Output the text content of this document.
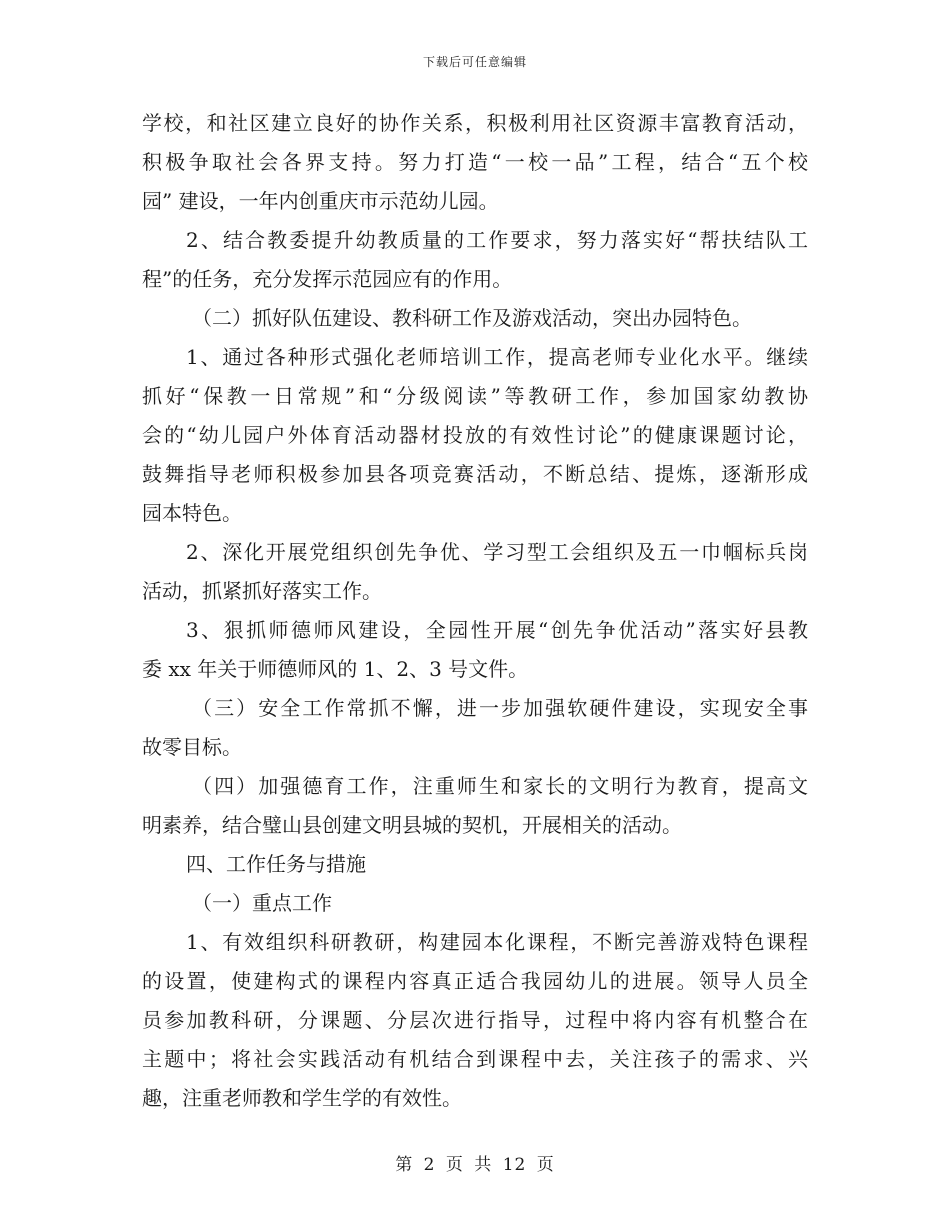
下载后可任意编辑
学校，和社区建立良好的协作关系，积极利用社区资源丰富教育活动，
积极争取社会各界支持。努力打造“一校一品”工程，结合“五个校
园” 建设，一年内创重庆市示范幼儿园。
2、结合教委提升幼教质量的工作要求，努力落实好“帮扶结队工
程”的任务，充分发挥示范园应有的作用。
（二）抓好队伍建设、教科研工作及游戏活动，突出办园特色。
1、通过各种形式强化老师培训工作，提高老师专业化水平。继续
抓好“保教一日常规”和“分级阅读”等教研工作，参加国家幼教协
会的“幼儿园户外体育活动器材投放的有效性讨论”的健康课题讨论，
鼓舞指导老师积极参加县各项竞赛活动，不断总结、提炼，逐渐形成
园本特色。
2、深化开展党组织创先争优、学习型工会组织及五一巾帼标兵岗
活动，抓紧抓好落实工作。
3、狠抓师德师风建设，全园性开展“创先争优活动”落实好县教
委 xx 年关于师德师风的 1、2、3 号文件。
（三）安全工作常抓不懈，进一步加强软硬件建设，实现安全事
故零目标。
（四）加强德育工作，注重师生和家长的文明行为教育，提高文
明素养，结合璧山县创建文明县城的契机，开展相关的活动。
四、工作任务与措施
（一）重点工作
1、有效组织科研教研，构建园本化课程，不断完善游戏特色课程
的设置，使建构式的课程内容真正适合我园幼儿的进展。领导人员全
员参加教科研，分课题、分层次进行指导，过程中将内容有机整合在
主题中；将社会实践活动有机结合到课程中去，关注孩子的需求、兴
趣，注重老师教和学生学的有效性。
第 2 页 共 12 页
